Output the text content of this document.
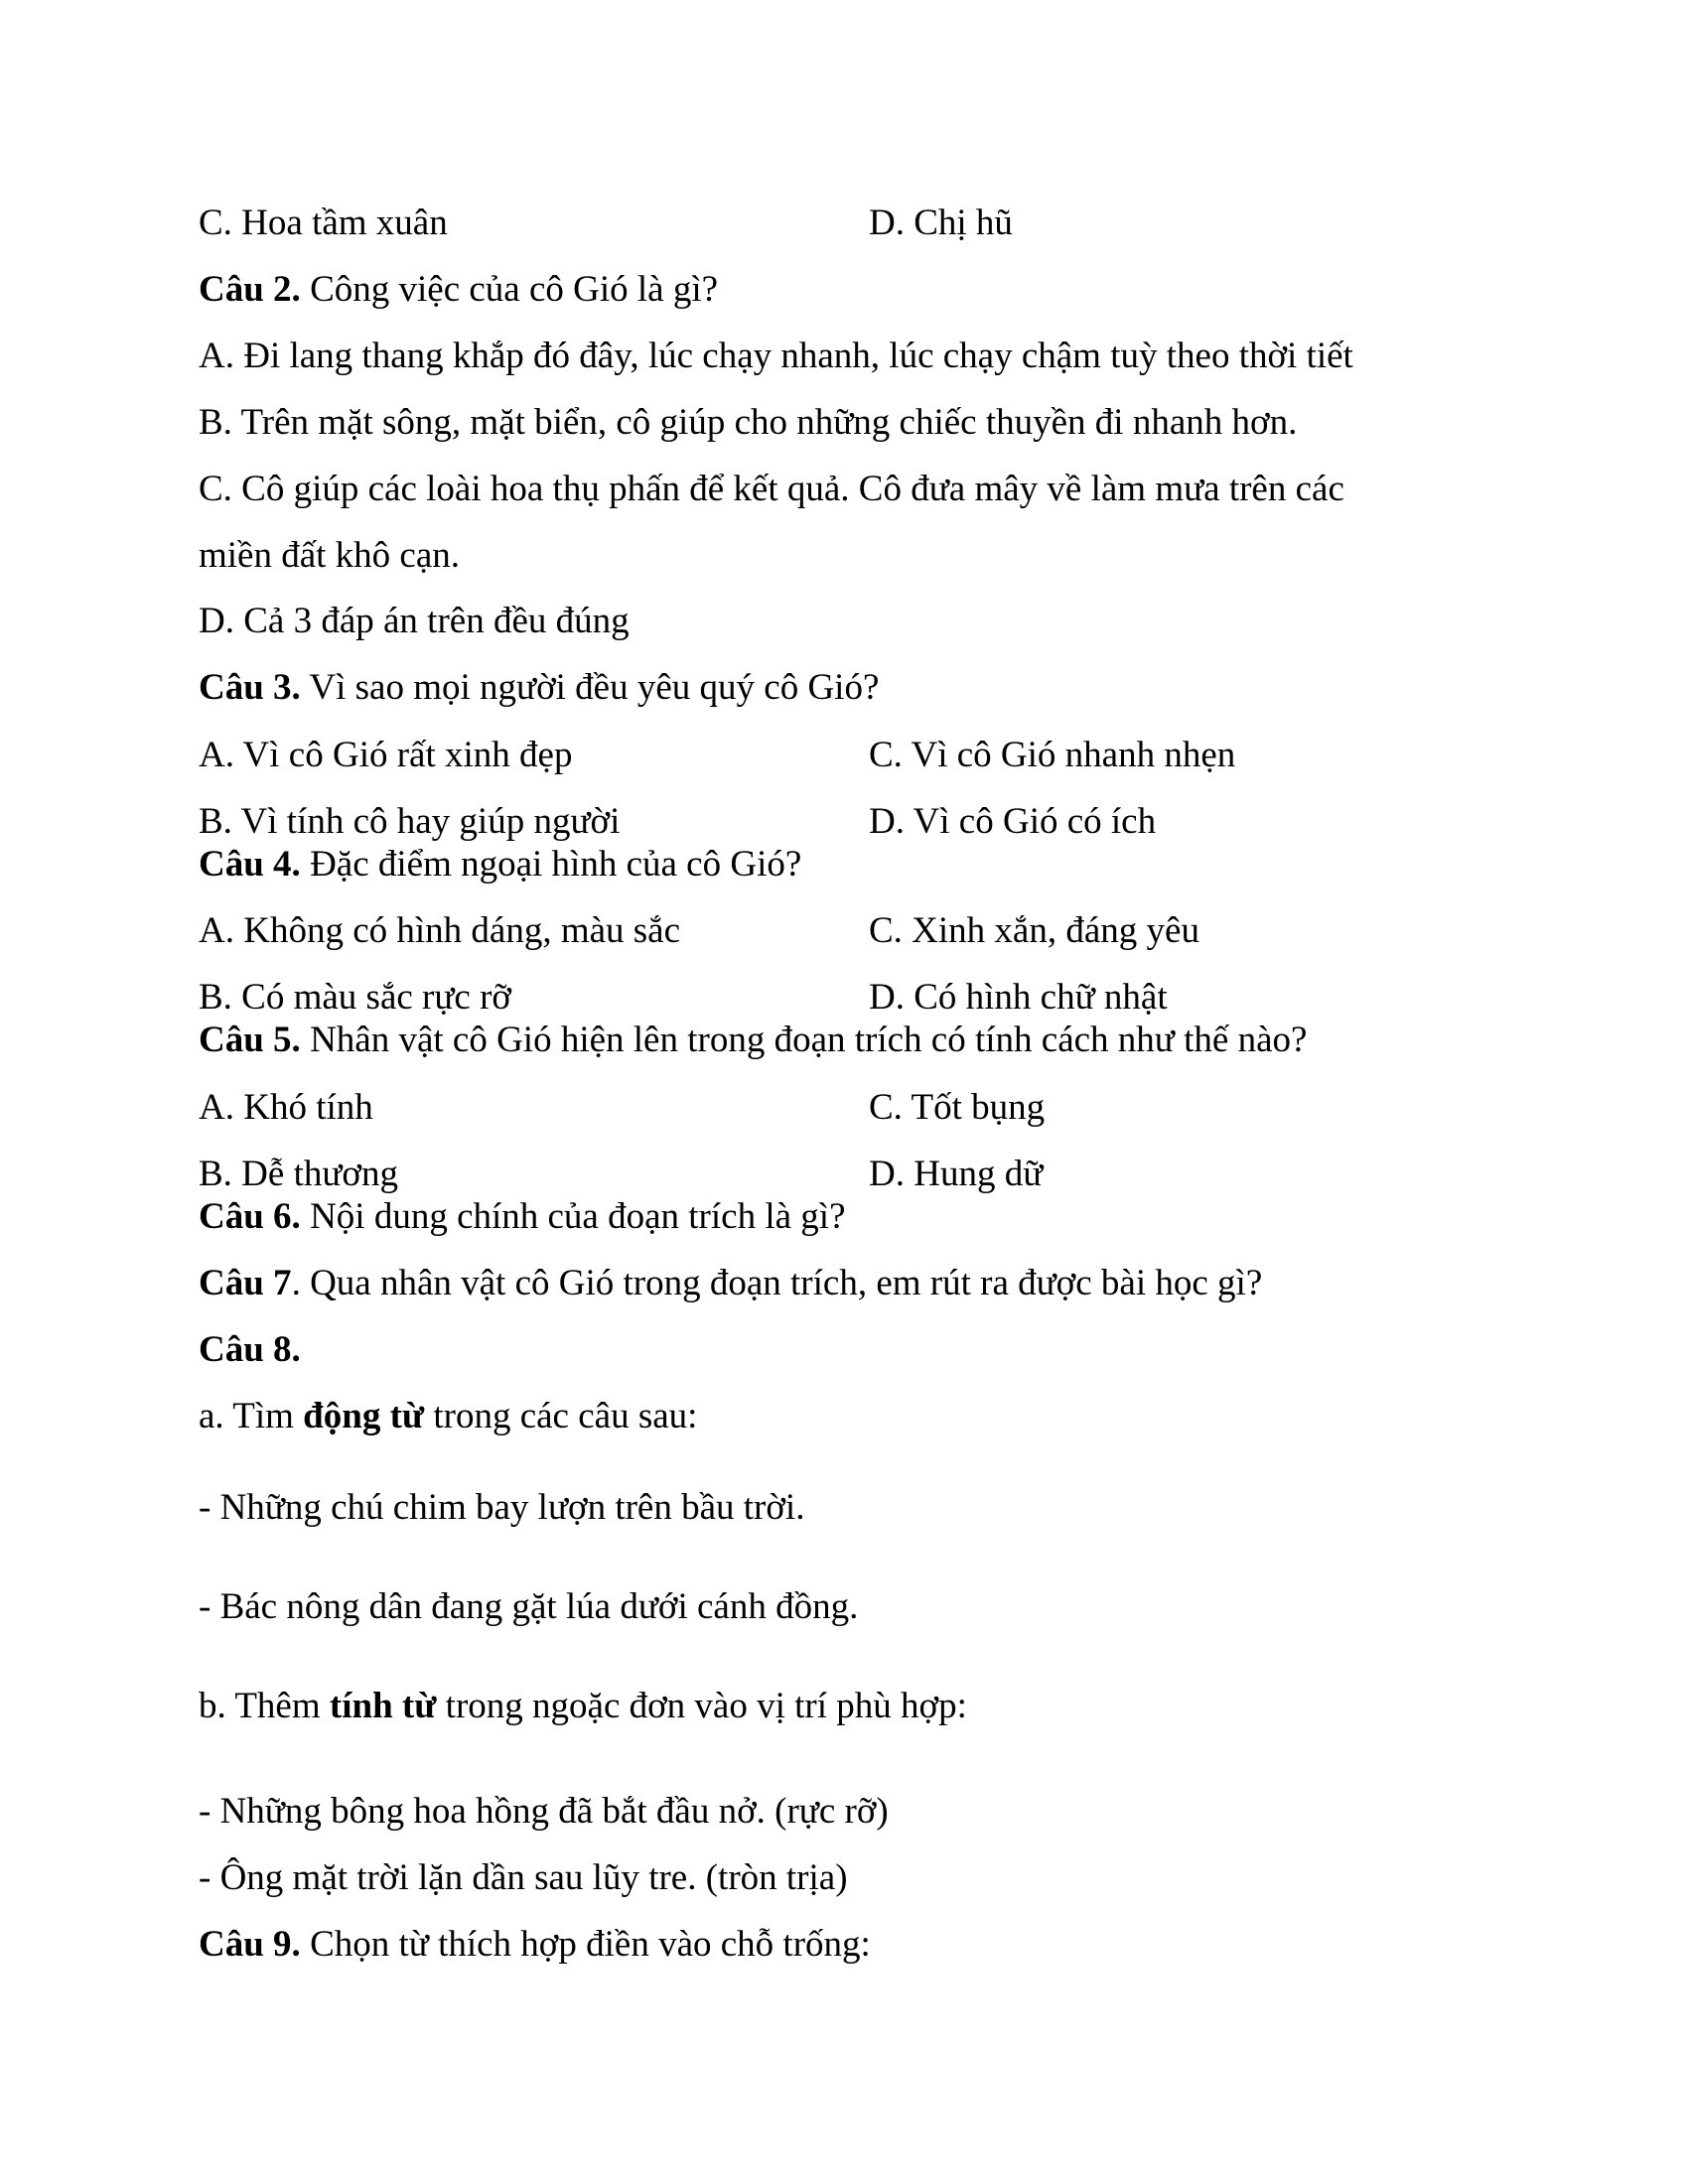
C. Hoa tầm xuân	D. Chị hũ
Câu 2. Công việc của cô Gió là gì?
A. Đi lang thang khắp đó đây, lúc chạy nhanh, lúc chạy chậm tuỳ theo thời tiết
B. Trên mặt sông, mặt biển, cô giúp cho những chiếc thuyền đi nhanh hơn.
C. Cô giúp các loài hoa thụ phấn để kết quả. Cô đưa mây về làm mưa trên các
miền đất khô cạn.
D. Cả 3 đáp án trên đều đúng
Câu 3. Vì sao mọi người đều yêu quý cô Gió?
A. Vì cô Gió rất xinh đẹp	C. Vì cô Gió nhanh nhẹn
B. Vì tính cô hay giúp người	D. Vì cô Gió có ích
Câu 4. Đặc điểm ngoại hình của cô Gió?
A. Không có hình dáng, màu sắc	C. Xinh xắn, đáng yêu
B. Có màu sắc rực rỡ	D. Có hình chữ nhật
Câu 5. Nhân vật cô Gió hiện lên trong đoạn trích có tính cách như thế nào?
A. Khó tính	C. Tốt bụng
B. Dễ thương	D. Hung dữ
Câu 6. Nội dung chính của đoạn trích là gì?
Câu 7. Qua nhân vật cô Gió trong đoạn trích, em rút ra được bài học gì?
Câu 8.
a. Tìm động từ trong các câu sau:
- Những chú chim bay lượn trên bầu trời.
- Bác nông dân đang gặt lúa dưới cánh đồng.
b. Thêm tính từ trong ngoặc đơn vào vị trí phù hợp:
- Những bông hoa hồng đã bắt đầu nở. (rực rỡ)
- Ông mặt trời lặn dần sau lũy tre. (tròn trịa)
Câu 9. Chọn từ thích hợp điền vào chỗ trống:
